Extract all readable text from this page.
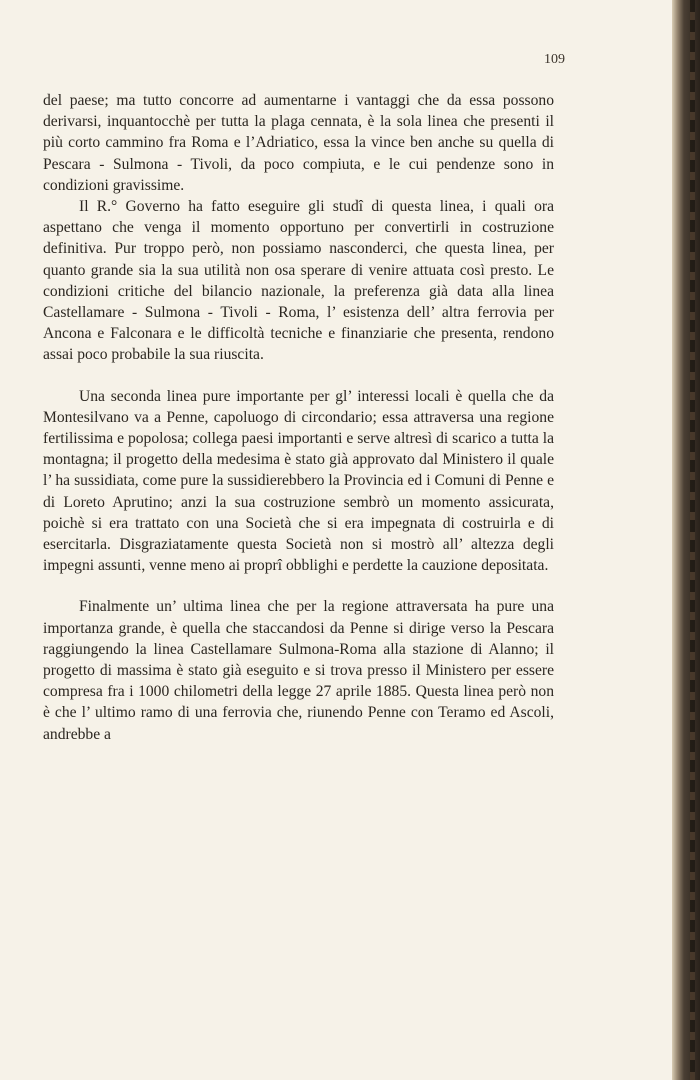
109

del paese; ma tutto concorre ad aumentarne i vantaggi che da essa possono derivarsi, inquantocchè per tutta la plaga cennata, è la sola linea che presenti il più corto cammino fra Roma e l’Adriatico, essa la vince ben anche su quella di Pescara - Sulmona - Tivoli, da poco compiuta, e le cui pendenze sono in condizioni gravissime.

Il R.° Governo ha fatto eseguire gli studî di questa linea, i quali ora aspettano che venga il momento opportuno per convertirli in costruzione definitiva. Pur troppo però, non possiamo nasconderci, che questa linea, per quanto grande sia la sua utilità non osa sperare di venire attuata così presto. Le condizioni critiche del bilancio nazionale, la preferenza già data alla linea Castellamare - Sulmona - Tivoli - Roma, l’ esistenza dell’ altra ferrovia per Ancona e Falconara e le difficoltà tecniche e finanziarie che presenta, rendono assai poco probabile la sua riuscita.

Una seconda linea pure importante per gl’ interessi locali è quella che da Montesilvano va a Penne, capoluogo di circondario; essa attraversa una regione fertilissima e popolosa; collega paesi importanti e serve altresì di scarico a tutta la montagna; il progetto della medesima è stato già approvato dal Ministero il quale l’ ha sussidiata, come pure la sussidierebbero la Provincia ed i Comuni di Penne e di Loreto Aprutino; anzi la sua costruzione sembrò un momento assicurata, poichè si era trattato con una Società che si era impegnata di costruirla e di esercitarla. Disgraziatamente questa Società non si mostrò all’ altezza degli impegni assunti, venne meno ai proprî obblighi e perdette la cauzione depositata.

Finalmente un’ ultima linea che per la regione attraversata ha pure una importanza grande, è quella che staccandosi da Penne si dirige verso la Pescara raggiungendo la linea Castellamare Sulmona-Roma alla stazione di Alanno; il progetto di massima è stato già eseguito e si trova presso il Ministero per essere compresa fra i 1000 chilometri della legge 27 aprile 1885. Questa linea però non è che l’ ultimo ramo di una ferrovia che, riunendo Penne con Teramo ed Ascoli, andrebbe a
